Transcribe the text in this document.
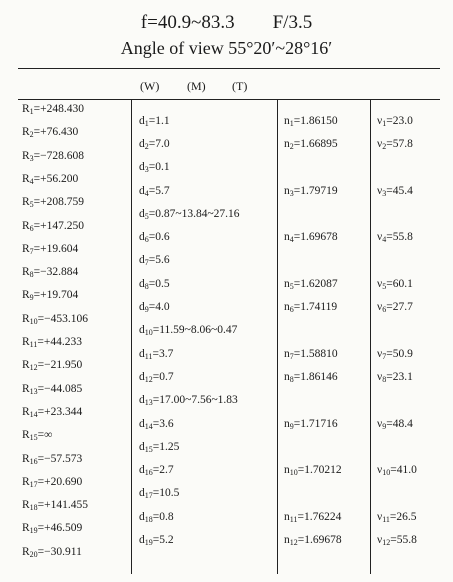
f=40.9~83.3 F/3.5
Angle of view 55°20′~28°16′
(W) (M) (T)
R1=+248.430
R2=+76.430
R3=−728.608
R4=+56.200
R5=+208.759
R6=+147.250
R7=+19.604
R8=−32.884
R9=+19.704
R10=−453.106
R11=+44.233
R12=−21.950
R13=−44.085
R14=+23.344
R15=∞
R16=−57.573
R17=+20.690
R18=+141.455
R19=+46.509
R20=−30.911
d1=1.1
d2=7.0
d3=0.1
d4=5.7
d5=0.87~13.84~27.16
d6=0.6
d7=5.6
d8=0.5
d9=4.0
d10=11.59~8.06~0.47
d11=3.7
d12=0.7
d13=17.00~7.56~1.83
d14=3.6
d15=1.25
d16=2.7
d17=10.5
d18=0.8
d19=5.2
n1=1.86150
n2=1.66895
n3=1.79719
n4=1.69678
n5=1.62087
n6=1.74119
n7=1.58810
n8=1.86146
n9=1.71716
n10=1.70212
n11=1.76224
n12=1.69678
ν1=23.0
ν2=57.8
ν3=45.4
ν4=55.8
ν5=60.1
ν6=27.7
ν7=50.9
ν8=23.1
ν9=48.4
ν10=41.0
ν11=26.5
ν12=55.8
